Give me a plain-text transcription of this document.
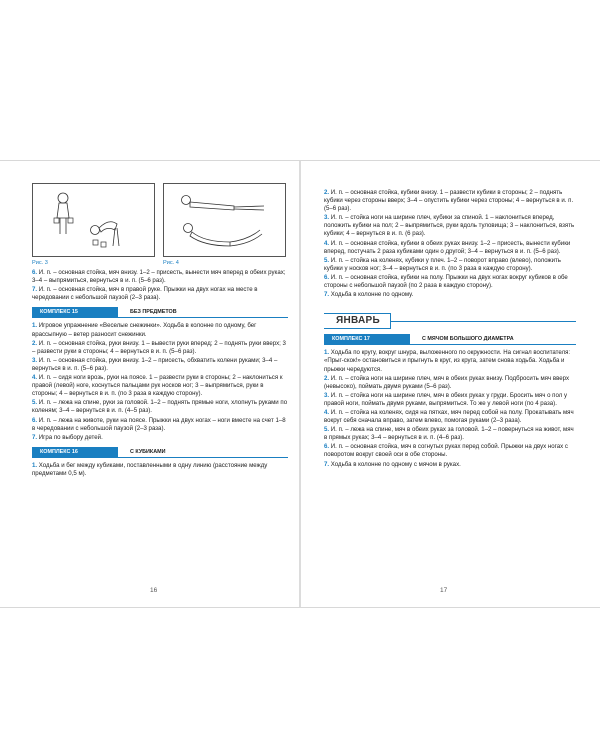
Рис. 3	Рис. 4

6. И. п. – основная стойка, мяч внизу. 1–2 – присесть, вынести мяч вперед в обеих руках; 3–4 – выпрямиться, вернуться в и. п. (5–6 раз).

7. И. п. – основная стойка, мяч в правой руке. Прыжки на двух ногах на месте в чередовании с небольшой паузой (2–3 раза).

КОМПЛЕКС 15	БЕЗ ПРЕДМЕТОВ

1. Игровое упражнение «Веселые снежинки». Ходьба в колонне по одному, бег врассыпную – ветер разносит снежинки.

2. И. п. – основная стойка, руки внизу. 1 – вывести руки вперед; 2 – поднять руки вверх; 3 – развести руки в стороны; 4 – вернуться в и. п. (5–6 раз).

3. И. п. – основная стойка, руки внизу. 1–2 – присесть, обхватить колени руками; 3–4 – вернуться в и. п. (5–6 раз).

4. И. п. – сидя ноги врозь, руки на поясе. 1 – развести руки в стороны; 2 – наклониться к правой (левой) ноге, коснуться пальцами рук носков ног; 3 – выпрямиться, руки в стороны; 4 – вернуться в и. п. (по 3 раза в каждую сторону).

5. И. п. – лежа на спине, руки за головой. 1–2 – поднять прямые ноги, хлопнуть руками по коленям; 3–4 – вернуться в и. п. (4–5 раз).

6. И. п. – лежа на животе, руки на поясе. Прыжки на двух ногах – ноги вместе на счет 1–8 в чередовании с небольшой паузой (2–3 раза).

7. Игра по выбору детей.

КОМПЛЕКС 16	С КУБИКАМИ

1. Ходьба и бег между кубиками, поставленными в одну линию (расстояние между предметами 0,5 м).

16

2. И. п. – основная стойка, кубики внизу. 1 – развести кубики в стороны; 2 – поднять кубики через стороны вверх; 3–4 – опустить кубики через стороны; 4 – вернуться в и. п. (5–6 раз).

3. И. п. – стойка ноги на ширине плеч, кубики за спиной. 1 – наклониться вперед, положить кубики на пол; 2 – выпрямиться, руки вдоль туловища; 3 – наклониться, взять кубики; 4 – вернуться в и. п. (6 раз).

4. И. п. – основная стойка, кубики в обеих руках внизу. 1–2 – присесть, вынести кубики вперед, постучать 2 раза кубиками один о другой; 3–4 – вернуться в и. п. (5–6 раз).

5. И. п. – стойка на коленях, кубики у плеч. 1–2 – поворот вправо (влево), положить кубики у носков ног; 3–4 – вернуться в и. п. (по 3 раза в каждую сторону).

6. И. п. – основная стойка, кубики на полу. Прыжки на двух ногах вокруг кубиков в обе стороны с небольшой паузой (по 2 раза в каждую сторону).

7. Ходьба в колонне по одному.

ЯНВАРЬ
КОМПЛЕКС 17	С МЯЧОМ БОЛЬШОГО ДИАМЕТРА

1. Ходьба по кругу, вокруг шнура, выложенного по окружности. На сигнал воспитателя: «Прыг-скок!» остановиться и прыгнуть в круг, из круга, затем снова ходьба. Ходьба и прыжки чередуются.

2. И. п. – стойка ноги на ширине плеч, мяч в обеих руках внизу. Подбросить мяч вверх (невысоко), поймать двумя руками (5–6 раз).

3. И. п. – стойка ноги на ширине плеч, мяч в обеих руках у груди. Бросить мяч о пол у правой ноги, поймать двумя руками, выпрямиться. То же у левой ноги (по 4 раза).

4. И. п. – стойка на коленях, сидя на пятках, мяч перед собой на полу. Прокатывать мяч вокруг себя сначала вправо, затем влево, помогая руками (2–3 раза).

5. И. п. – лежа на спине, мяч в обеих руках за головой. 1–2 – повернуться на живот, мяч в прямых руках; 3–4 – вернуться в и. п. (4–6 раз).

6. И. п. – основная стойка, мяч в согнутых руках перед собой. Прыжки на двух ногах с поворотом вокруг своей оси в обе стороны.

7. Ходьба в колонне по одному с мячом в руках.

17
